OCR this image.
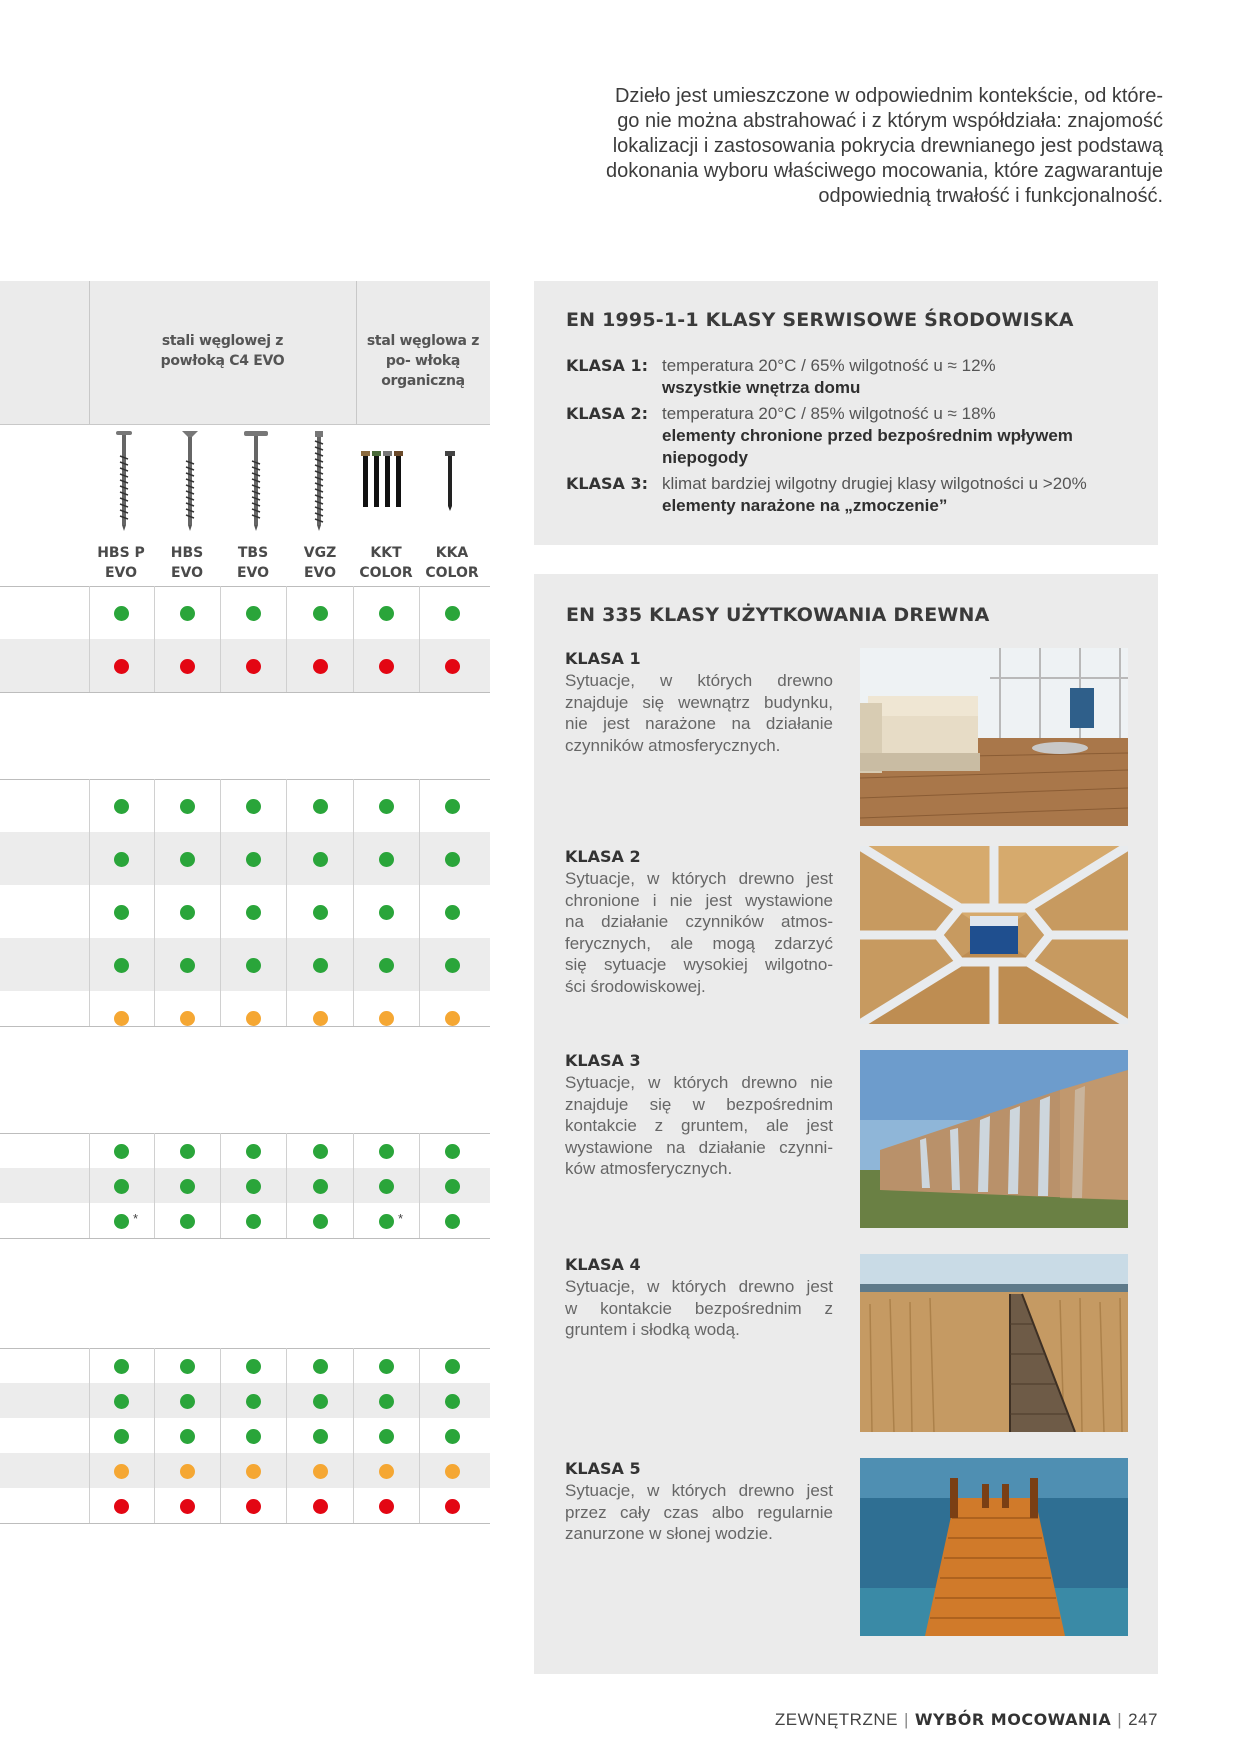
Dzieło jest umieszczone w odpowiednim kontekście, od które-
go nie można abstrahować i z którym współdziała: znajomość
lokalizacji i zastosowania pokrycia drewnianego jest podstawą
dokonania wyboru właściwego mocowania, które zagwarantuje
odpowiednią trwałość i funkcjonalność.
stali węglowej z powłoką C4 EVO
stal węglowa z po- włoką organiczną
HBS P
EVO
HBS
EVO
TBS
EVO
VGZ
EVO
KKT
COLOR
KKA
COLOR
*	*
EN 1995-1-1 KLASY SERWISOWE ŚRODOWISKA
KLASA 1: temperatura 20°C / 65% wilgotność u ≈ 12%
wszystkie wnętrza domu
KLASA 2: temperatura 20°C / 85% wilgotność u ≈ 18%
elementy chronione przed bezpośrednim wpływem
niepogody
KLASA 3: klimat bardziej wilgotny drugiej klasy wilgotności u >20%
elementy narażone na „zmoczenie”
EN 335 KLASY UŻYTKOWANIA DREWNA
KLASA 1
Sytuacje, w których drewno
znajduje się wewnątrz budynku,
nie jest narażone na działanie
czynników atmosferycznych.
KLASA 2
Sytuacje, w których drewno jest
chronione i nie jest wystawione
na działanie czynników atmos-
ferycznych, ale mogą zdarzyć
się sytuacje wysokiej wilgotno-
ści środowiskowej.
KLASA 3
Sytuacje, w których drewno nie
znajduje się w bezpośrednim
kontakcie z gruntem, ale jest
wystawione na działanie czynni-
ków atmosferycznych.
KLASA 4
Sytuacje, w których drewno jest
w kontakcie bezpośrednim z
gruntem i słodką wodą.
KLASA 5
Sytuacje, w których drewno jest
przez cały czas albo regularnie
zanurzone w słonej wodzie.
ZEWNĘTRZNE | WYBÓR MOCOWANIA | 247
